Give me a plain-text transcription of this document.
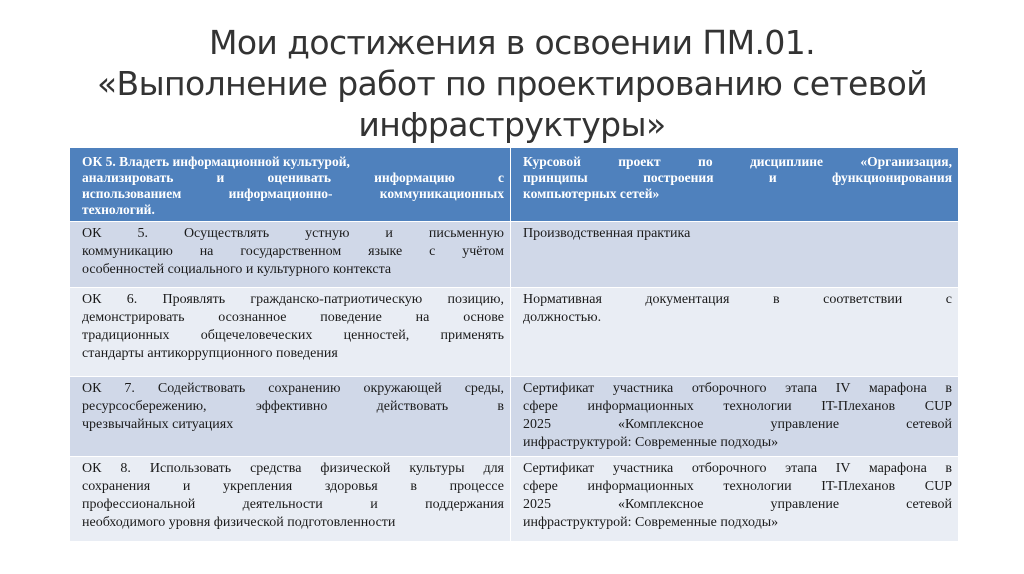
Мои достижения в освоении ПМ.01.
«Выполнение работ по проектированию сетевой
инфраструктуры»
ОК 5. Владеть информационной культурой,
анализировать и оценивать информацию с
использованием информационно- коммуникационных
технологий.	Курсовой проект по дисциплине «Организация,
принципы построения и функционирования
компьютерных сетей»

ОК 5. Осуществлять устную и письменную
коммуникацию на государственном языке с учётом
особенностей социального и культурного контекста	Производственная практика

ОК 6. Проявлять гражданско-патриотическую позицию,
демонстрировать осознанное поведение на основе
традиционных общечеловеческих ценностей, применять
стандарты антикоррупционного поведения	Нормативная документация в соответствии с
должностью.

ОК 7. Содействовать сохранению окружающей среды,
ресурсосбережению, эффективно действовать в
чрезвычайных ситуациях	Сертификат участника отборочного этапа IV марафона в
сфере информационных технологии IT-Плеханов CUP
2025 «Комплексное управление сетевой
инфраструктурой: Современные подходы»

ОК 8. Использовать средства физической культуры для
сохранения и укрепления здоровья в процессе
профессиональной деятельности и поддержания
необходимого уровня физической подготовленности	Сертификат участника отборочного этапа IV марафона в
сфере информационных технологии IT-Плеханов CUP
2025 «Комплексное управление сетевой
инфраструктурой: Современные подходы»
